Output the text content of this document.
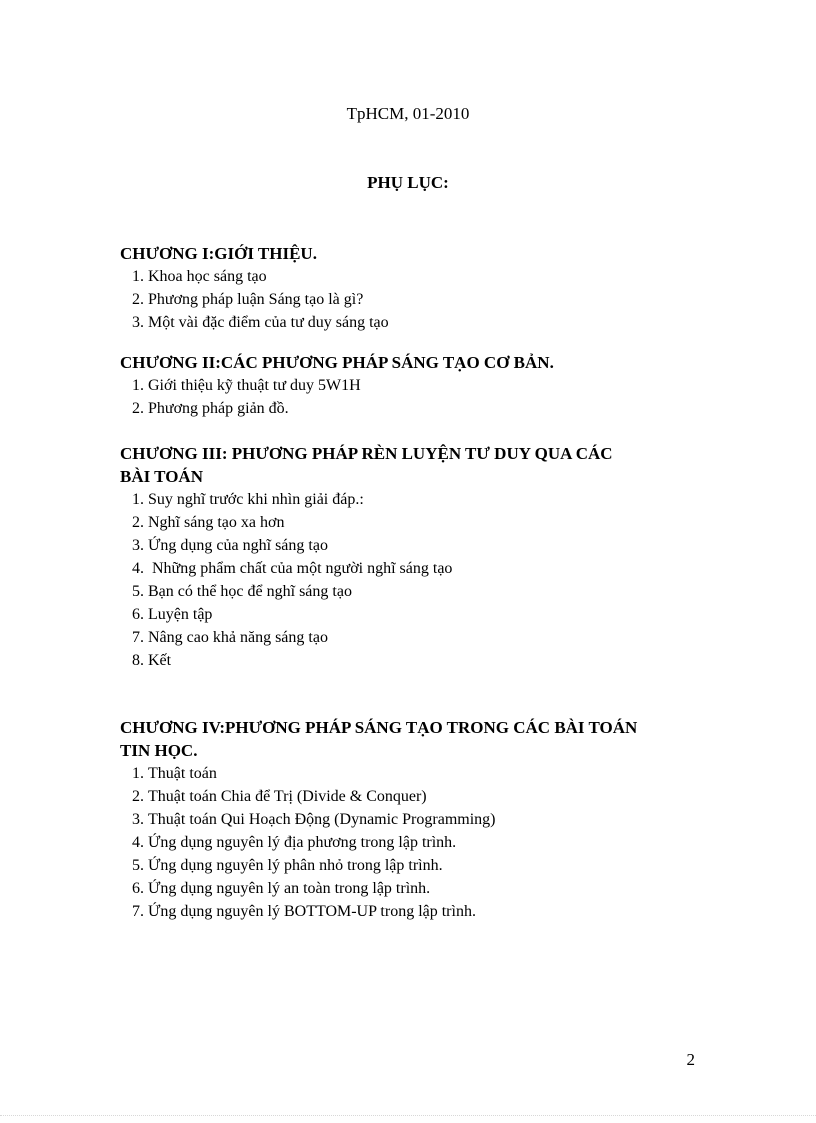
TpHCM, 01-2010
PHỤ LỤC:

CHƯƠNG I:GIỚI THIỆU.

1. Khoa học sáng tạo
2. Phương pháp luận Sáng tạo là gì?
3. Một vài đặc điểm của tư duy sáng tạo

CHƯƠNG II:CÁC PHƯƠNG PHÁP SÁNG TẠO CƠ BẢN.

1. Giới thiệu kỹ thuật tư duy 5W1H
2. Phương pháp giản đồ.

CHƯƠNG III: PHƯƠNG PHÁP RÈN LUYỆN TƯ DUY QUA CÁC

BÀI TOÁN

1. Suy nghĩ trước khi nhìn giải đáp.:
2. Nghĩ sáng tạo xa hơn
3. Ứng dụng của nghĩ sáng tạo
4. Những phẩm chất của một người nghĩ sáng tạo
5. Bạn có thể học để nghĩ sáng tạo
6. Luyện tập
7. Nâng cao khả năng sáng tạo
8. Kết

CHƯƠNG IV:PHƯƠNG PHÁP SÁNG TẠO TRONG CÁC BÀI TOÁN

TIN HỌC.

1. Thuật toán
2. Thuật toán Chia để Trị (Divide & Conquer)
3. Thuật toán Qui Hoạch Động (Dynamic Programming)
4. Ứng dụng nguyên lý địa phương trong lập trình.
5. Ứng dụng nguyên lý phân nhỏ trong lập trình.
6. Ứng dụng nguyên lý an toàn trong lập trình.
7. Ứng dụng nguyên lý BOTTOM-UP trong lập trình.
2
